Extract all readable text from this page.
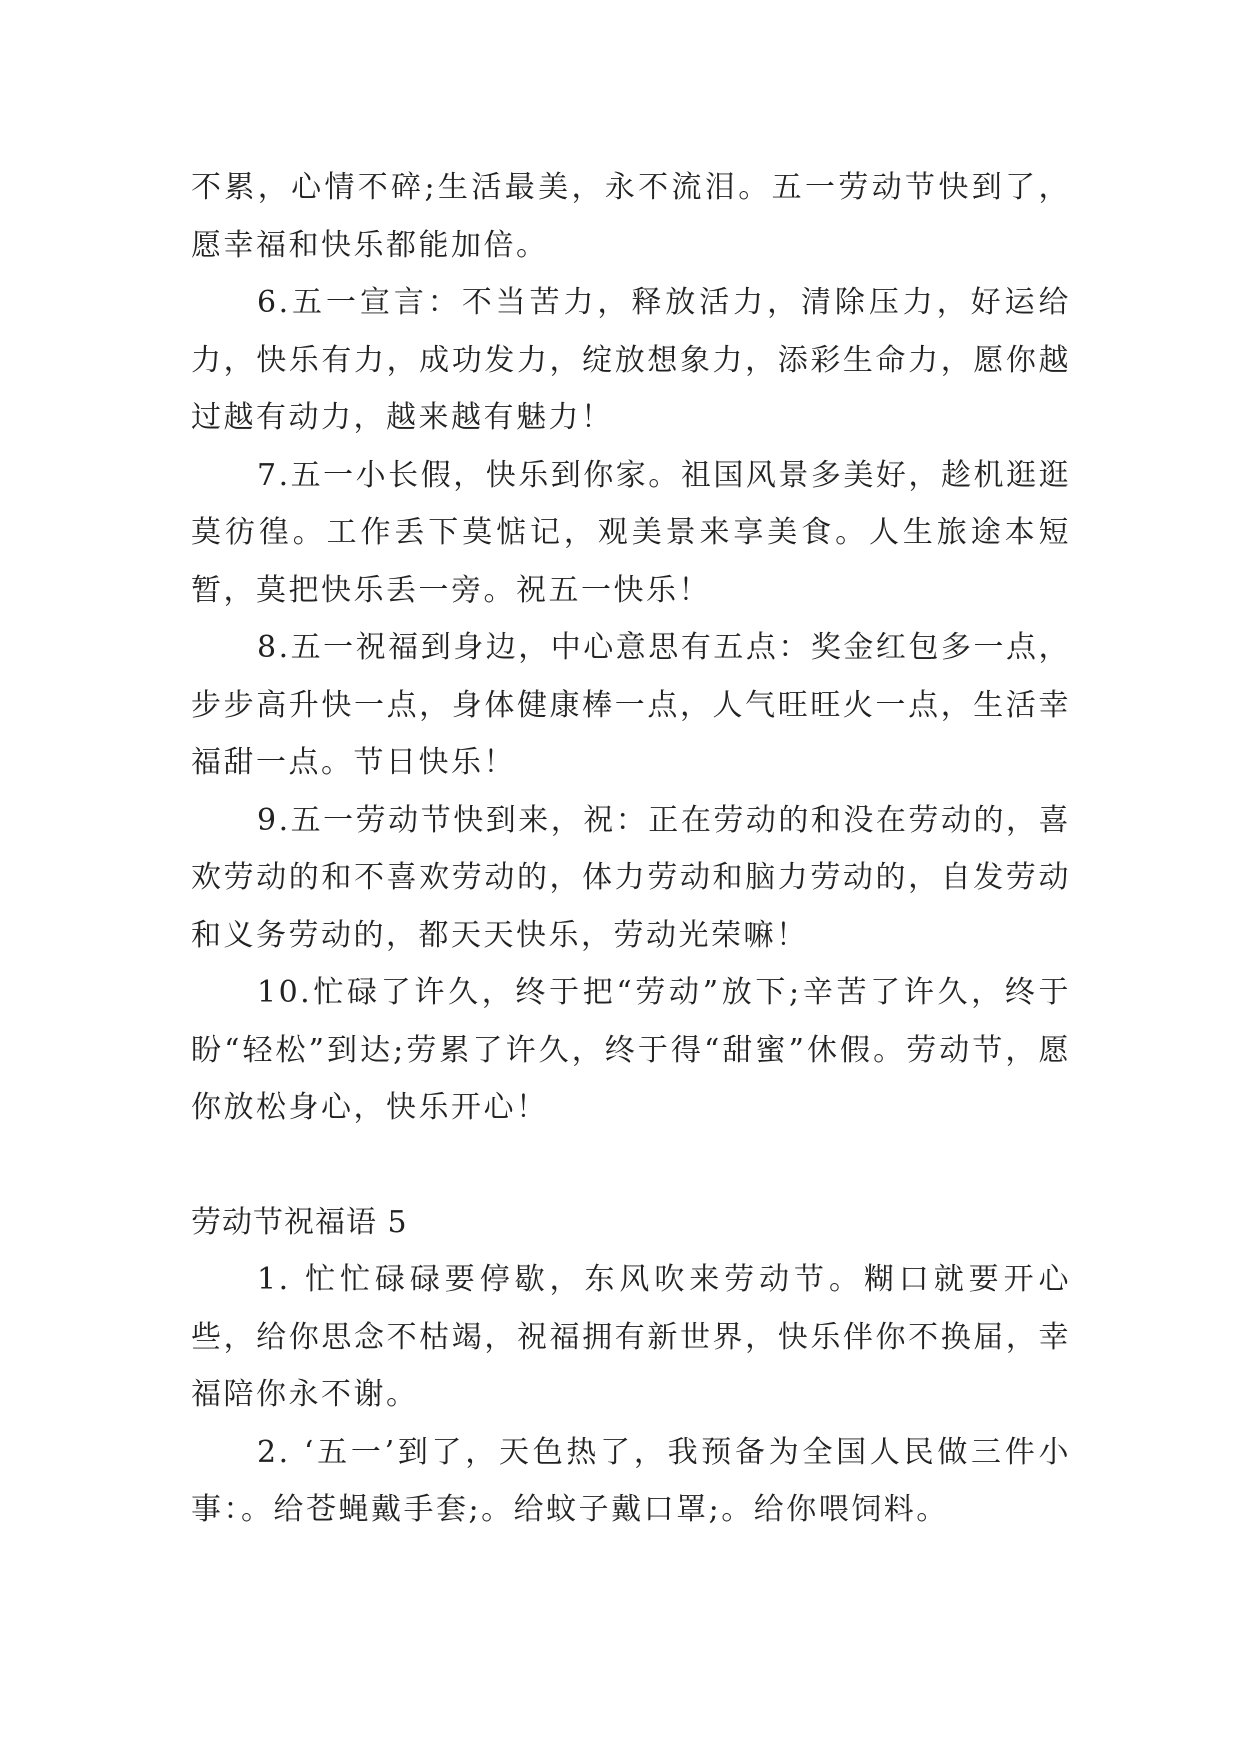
不累，心情不碎;生活最美，永不流泪。五一劳动节快到了，愿幸福和快乐都能加倍。

6.五一宣言：不当苦力，释放活力，清除压力，好运给力，快乐有力，成功发力，绽放想象力，添彩生命力，愿你越过越有动力，越来越有魅力！

7.五一小长假，快乐到你家。祖国风景多美好，趁机逛逛莫彷徨。工作丢下莫惦记，观美景来享美食。人生旅途本短暂，莫把快乐丢一旁。祝五一快乐！

8.五一祝福到身边，中心意思有五点：奖金红包多一点，步步高升快一点，身体健康棒一点，人气旺旺火一点，生活幸福甜一点。节日快乐！

9.五一劳动节快到来，祝：正在劳动的和没在劳动的，喜欢劳动的和不喜欢劳动的，体力劳动和脑力劳动的，自发劳动和义务劳动的，都天天快乐，劳动光荣嘛！

10.忙碌了许久，终于把“劳动”放下;辛苦了许久，终于盼“轻松”到达;劳累了许久，终于得“甜蜜”休假。劳动节，愿你放松身心，快乐开心！

劳动节祝福语 5

1. 忙忙碌碌要停歇，东风吹来劳动节。糊口就要开心些，给你思念不枯竭，祝福拥有新世界，快乐伴你不换届，幸福陪你永不谢。

2. ‘五一’到了，天色热了，我预备为全国人民做三件小事：。给苍蝇戴手套;。给蚊子戴口罩;。给你喂饲料。
